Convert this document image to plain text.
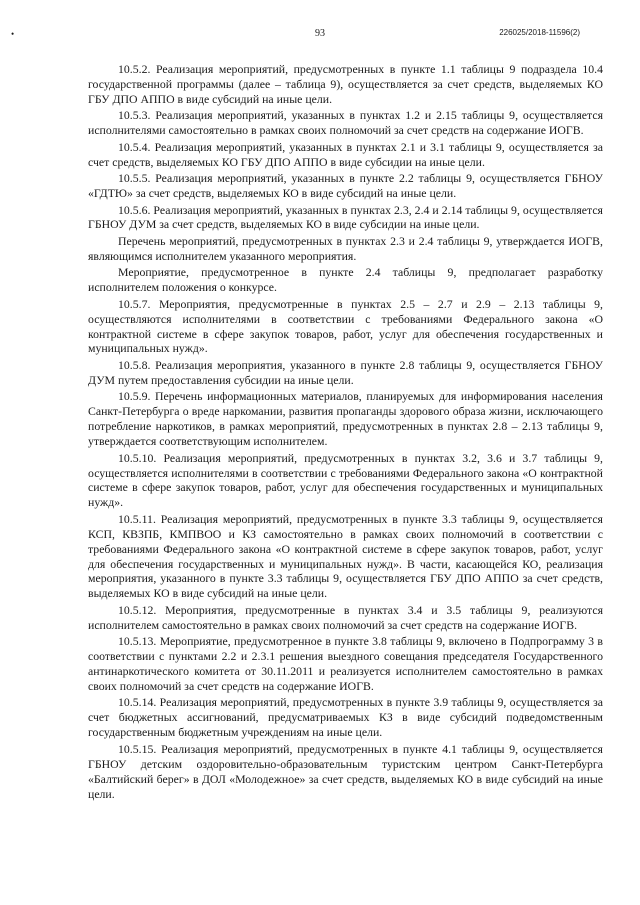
•	93	226025/2018-11596(2)

10.5.2. Реализация мероприятий, предусмотренных в пункте 1.1 таблицы 9 подраздела 10.4 государственной программы (далее – таблица 9), осуществляется за счет средств, выделяемых КО ГБУ ДПО АППО в виде субсидий на иные цели.

10.5.3. Реализация мероприятий, указанных в пунктах 1.2 и 2.15 таблицы 9, осуществляется исполнителями самостоятельно в рамках своих полномочий за счет средств на содержание ИОГВ.

10.5.4. Реализация мероприятий, указанных в пунктах 2.1 и 3.1 таблицы 9, осуществляется за счет средств, выделяемых КО ГБУ ДПО АППО в виде субсидии на иные цели.

10.5.5. Реализация мероприятий, указанных в пункте 2.2 таблицы 9, осуществляется ГБНОУ «ГДТЮ» за счет средств, выделяемых КО в виде субсидий на иные цели.

10.5.6. Реализация мероприятий, указанных в пунктах 2.3, 2.4 и 2.14 таблицы 9, осуществляется ГБНОУ ДУМ за счет средств, выделяемых КО в виде субсидии на иные цели.

Перечень мероприятий, предусмотренных в пунктах 2.3 и 2.4 таблицы 9, утверждается ИОГВ, являющимся исполнителем указанного мероприятия.

Мероприятие, предусмотренное в пункте 2.4 таблицы 9, предполагает разработку исполнителем положения о конкурсе.

10.5.7. Мероприятия, предусмотренные в пунктах 2.5 – 2.7 и 2.9 – 2.13 таблицы 9, осуществляются исполнителями в соответствии с требованиями Федерального закона «О контрактной системе в сфере закупок товаров, работ, услуг для обеспечения государственных и муниципальных нужд».

10.5.8. Реализация мероприятия, указанного в пункте 2.8 таблицы 9, осуществляется ГБНОУ ДУМ путем предоставления субсидии на иные цели.

10.5.9. Перечень информационных материалов, планируемых для информирования населения Санкт-Петербурга о вреде наркомании, развития пропаганды здорового образа жизни, исключающего потребление наркотиков, в рамках мероприятий, предусмотренных в пунктах 2.8 – 2.13 таблицы 9, утверждается соответствующим исполнителем.

10.5.10. Реализация мероприятий, предусмотренных в пунктах 3.2, 3.6 и 3.7 таблицы 9, осуществляется исполнителями в соответствии с требованиями Федерального закона «О контрактной системе в сфере закупок товаров, работ, услуг для обеспечения государственных и муниципальных нужд».

10.5.11. Реализация мероприятий, предусмотренных в пункте 3.3 таблицы 9, осуществляется КСП, КВЗПБ, КМПВОО и КЗ самостоятельно в рамках своих полномочий в соответствии с требованиями Федерального закона «О контрактной системе в сфере закупок товаров, работ, услуг для обеспечения государственных и муниципальных нужд». В части, касающейся КО, реализация мероприятия, указанного в пункте 3.3 таблицы 9, осуществляется ГБУ ДПО АППО за счет средств, выделяемых КО в виде субсидий на иные цели.

10.5.12. Мероприятия, предусмотренные в пунктах 3.4 и 3.5 таблицы 9, реализуются исполнителем самостоятельно в рамках своих полномочий за счет средств на содержание ИОГВ.

10.5.13. Мероприятие, предусмотренное в пункте 3.8 таблицы 9, включено в Подпрограмму 3 в соответствии с пунктами 2.2 и 2.3.1 решения выездного совещания председателя Государственного антинаркотического комитета от 30.11.2011 и реализуется исполнителем самостоятельно в рамках своих полномочий за счет средств на содержание ИОГВ.

10.5.14. Реализация мероприятий, предусмотренных в пункте 3.9 таблицы 9, осуществляется за счет бюджетных ассигнований, предусматриваемых КЗ в виде субсидий подведомственным государственным бюджетным учреждениям на иные цели.

10.5.15. Реализация мероприятий, предусмотренных в пункте 4.1 таблицы 9, осуществляется ГБНОУ детским оздоровительно-образовательным туристским центром Санкт-Петербурга «Балтийский берег» в ДОЛ «Молодежное» за счет средств, выделяемых КО в виде субсидий на иные цели.
